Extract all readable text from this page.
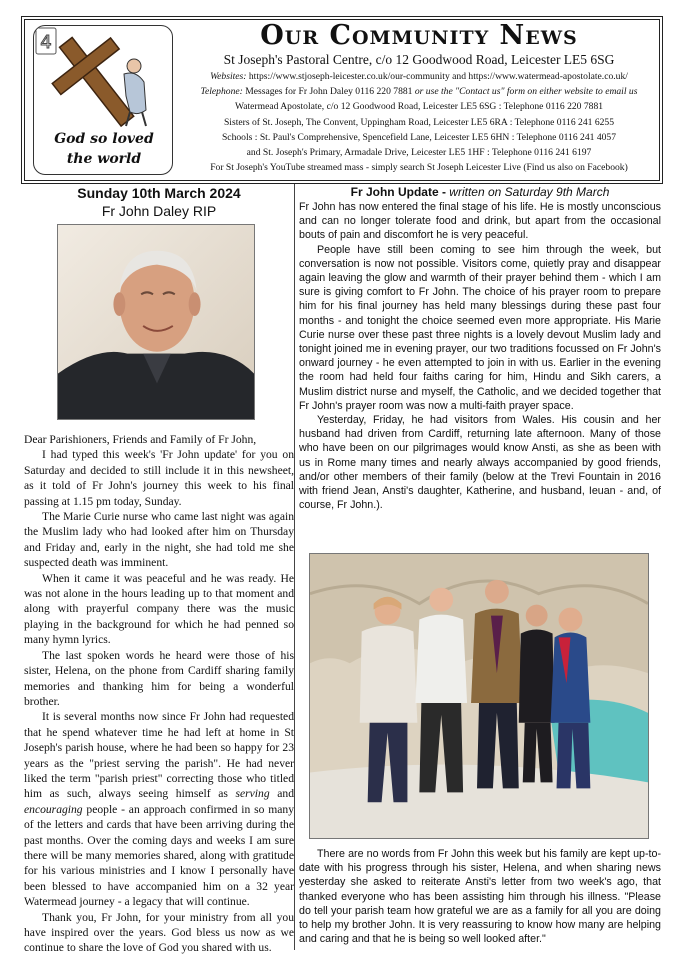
4
God so loved
the world
Our Community News
St Joseph's Pastoral Centre, c/o 12 Goodwood Road, Leicester LE5 6SG
Websites: https://www.stjoseph-leicester.co.uk/our-community and https://www.watermead-apostolate.co.uk/
Telephone: Messages for Fr John Daley 0116 220 7881 or use the "Contact us" form on either website to email us
Watermead Apostolate, c/o 12 Goodwood Road, Leicester LE5 6SG : Telephone 0116 220 7881
Sisters of St. Joseph, The Convent, Uppingham Road, Leicester LE5 6RA : Telephone 0116 241 6255
Schools : St. Paul's Comprehensive, Spencefield Lane, Leicester LE5 6HN : Telephone 0116 241 4057
and St. Joseph's Primary, Armadale Drive, Leicester LE5 1HF : Telephone 0116 241 6197
For St Joseph's YouTube streamed mass - simply search St Joseph Leicester Live (Find us also on Facebook)
Sunday 10th March 2024
Fr John Daley RIP

Dear Parishioners, Friends and Family of Fr John,

I had typed this week's 'Fr John update' for you on Saturday and decided to still include it in this newsheet, as it told of Fr John's journey this week to his final passing at 1.15 pm today, Sunday.

The Marie Curie nurse who came last night was again the Muslim lady who had looked after him on Thursday and Friday and, early in the night, she had told me she suspected death was imminent.

When it came it was peaceful and he was ready. He was not alone in the hours leading up to that moment and along with prayerful company there was the music playing in the background for which he had penned so many hymn lyrics.

The last spoken words he heard were those of his sister, Helena, on the phone from Cardiff sharing family memories and thanking him for being a wonderful brother.

It is several months now since Fr John had requested that he spend whatever time he had left at home in St Joseph's parish house, where he had been so happy for 23 years as the "priest serving the parish". He had never liked the term "parish priest" correcting those who titled him as such, always seeing himself as serving and encouraging people - an approach confirmed in so many of the letters and cards that have been arriving during the past months. Over the coming days and weeks I am sure there will be many memories shared, along with gratitude for his various ministries and I know I personally have been blessed to have accompanied him on a 32 year Watermead journey - a legacy that will continue.

Thank you, Fr John, for your ministry from all you have inspired over the years. God bless us now as we continue to share the love of God you shared with us.

Fr John Update - written on Saturday 9th March

Fr John has now entered the final stage of his life. He is mostly unconscious and can no longer tolerate food and drink, but apart from the occasional bouts of pain and discomfort he is very peaceful.

People have still been coming to see him through the week, but conversation is now not possible. Visitors come, quietly pray and disappear again leaving the glow and warmth of their prayer behind them - which I am sure is giving comfort to Fr John. The choice of his prayer room to prepare him for his final journey has held many blessings during these past four months - and tonight the choice seemed even more appropriate. His Marie Curie nurse over these past three nights is a lovely devout Muslim lady and tonight joined me in evening prayer, our two traditions focussed on Fr John's onward journey - he even attempted to join in with us. Earlier in the evening the room had held four faiths caring for him, Hindu and Sikh carers, a Muslim district nurse and myself, the Catholic, and we decided together that Fr John's prayer room was now a multi-faith prayer space.

Yesterday, Friday, he had visitors from Wales. His cousin and her husband had driven from Cardiff, returning late afternoon. Many of those who have been on our pilgrimages would know Ansti, as she as been with us in Rome many times and nearly always accompanied by good friends, and/or other members of their family (below at the Trevi Fountain in 2016 with friend Jean, Ansti's daughter, Katherine, and husband, Ieuan - and, of course, Fr John.).

There are no words from Fr John this week but his family are kept up-to-date with his progress through his sister, Helena, and when sharing news yesterday she asked to reiterate Ansti's letter from two week's ago, that thanked everyone who has been assisting him through his illness. "Please do tell your parish team how grateful we are as a family for all you are doing to help my brother John. It is very reassuring to know how many are helping and caring and that he is being so well looked after."
